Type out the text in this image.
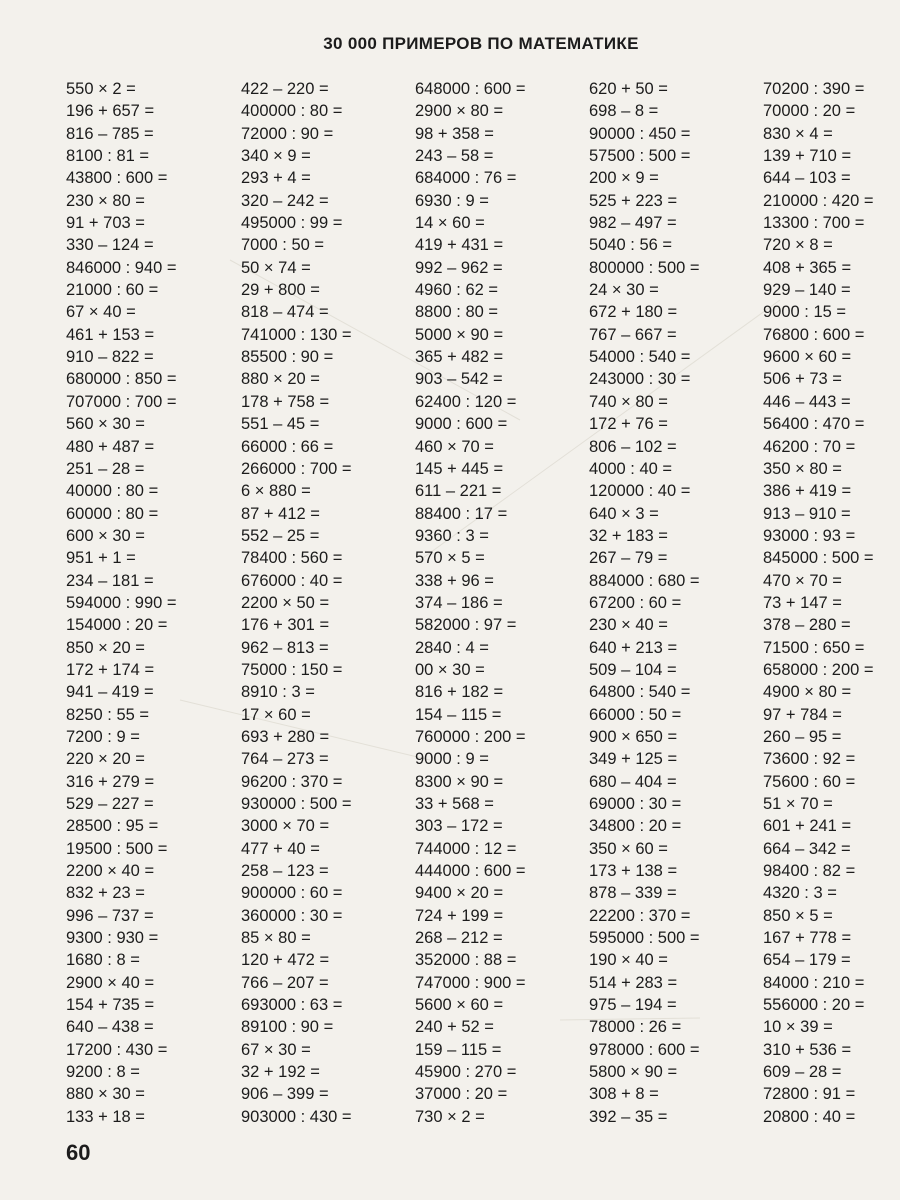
30 000 ПРИМЕРОВ ПО МАТЕМАТИКЕ
550 × 2 =
196 + 657 =
816 – 785 =
8100 : 81 =
43800 : 600 =
230 × 80 =
91 + 703 =
330 – 124 =
846000 : 940 =
21000 : 60 =
67 × 40 =
461 + 153 =
910 – 822 =
680000 : 850 =
707000 : 700 =
560 × 30 =
480 + 487 =
251 – 28 =
40000 : 80 =
60000 : 80 =
600 × 30 =
951 + 1 =
234 – 181 =
594000 : 990 =
154000 : 20 =
850 × 20 =
172 + 174 =
941 – 419 =
8250 : 55 =
7200 : 9 =
220 × 20 =
316 + 279 =
529 – 227 =
28500 : 95 =
19500 : 500 =
2200 × 40 =
832 + 23 =
996 – 737 =
9300 : 930 =
1680 : 8 =
2900 × 40 =
154 + 735 =
640 – 438 =
17200 : 430 =
9200 : 8 =
880 × 30 =
133 + 18 =
422 – 220 =
400000 : 80 =
72000 : 90 =
340 × 9 =
293 + 4 =
320 – 242 =
495000 : 99 =
7000 : 50 =
50 × 74 =
29 + 800 =
818 – 474 =
741000 : 130 =
85500 : 90 =
880 × 20 =
178 + 758 =
551 – 45 =
66000 : 66 =
266000 : 700 =
6 × 880 =
87 + 412 =
552 – 25 =
78400 : 560 =
676000 : 40 =
2200 × 50 =
176 + 301 =
962 – 813 =
75000 : 150 =
8910 : 3 =
17 × 60 =
693 + 280 =
764 – 273 =
96200 : 370 =
930000 : 500 =
3000 × 70 =
477 + 40 =
258 – 123 =
900000 : 60 =
360000 : 30 =
85 × 80 =
120 + 472 =
766 – 207 =
693000 : 63 =
89100 : 90 =
67 × 30 =
32 + 192 =
906 – 399 =
903000 : 430 =
648000 : 600 =
2900 × 80 =
98 + 358 =
243 – 58 =
684000 : 76 =
6930 : 9 =
14 × 60 =
419 + 431 =
992 – 962 =
4960 : 62 =
8800 : 80 =
5000 × 90 =
365 + 482 =
903 – 542 =
62400 : 120 =
9000 : 600 =
460 × 70 =
145 + 445 =
611 – 221 =
88400 : 17 =
9360 : 3 =
570 × 5 =
338 + 96 =
374 – 186 =
582000 : 97 =
2840 : 4 =
00 × 30 =
816 + 182 =
154 – 115 =
760000 : 200 =
9000 : 9 =
8300 × 90 =
33 + 568 =
303 – 172 =
744000 : 12 =
444000 : 600 =
9400 × 20 =
724 + 199 =
268 – 212 =
352000 : 88 =
747000 : 900 =
5600 × 60 =
240 + 52 =
159 – 115 =
45900 : 270 =
37000 : 20 =
730 × 2 =
620 + 50 =
698 – 8 =
90000 : 450 =
57500 : 500 =
200 × 9 =
525 + 223 =
982 – 497 =
5040 : 56 =
800000 : 500 =
24 × 30 =
672 + 180 =
767 – 667 =
54000 : 540 =
243000 : 30 =
740 × 80 =
172 + 76 =
806 – 102 =
4000 : 40 =
120000 : 40 =
640 × 3 =
32 + 183 =
267 – 79 =
884000 : 680 =
67200 : 60 =
230 × 40 =
640 + 213 =
509 – 104 =
64800 : 540 =
66000 : 50 =
900 × 650 =
349 + 125 =
680 – 404 =
69000 : 30 =
34800 : 20 =
350 × 60 =
173 + 138 =
878 – 339 =
22200 : 370 =
595000 : 500 =
190 × 40 =
514 + 283 =
975 – 194 =
78000 : 26 =
978000 : 600 =
5800 × 90 =
308 + 8 =
392 – 35 =
70200 : 390 =
70000 : 20 =
830 × 4 =
139 + 710 =
644 – 103 =
210000 : 420 =
13300 : 700 =
720 × 8 =
408 + 365 =
929 – 140 =
9000 : 15 =
76800 : 600 =
9600 × 60 =
506 + 73 =
446 – 443 =
56400 : 470 =
46200 : 70 =
350 × 80 =
386 + 419 =
913 – 910 =
93000 : 93 =
845000 : 500 =
470 × 70 =
73 + 147 =
378 – 280 =
71500 : 650 =
658000 : 200 =
4900 × 80 =
97 + 784 =
260 – 95 =
73600 : 92 =
75600 : 60 =
51 × 70 =
601 + 241 =
664 – 342 =
98400 : 82 =
4320 : 3 =
850 × 5 =
167 + 778 =
654 – 179 =
84000 : 210 =
556000 : 20 =
10 × 39 =
310 + 536 =
609 – 28 =
72800 : 91 =
20800 : 40 =
60
